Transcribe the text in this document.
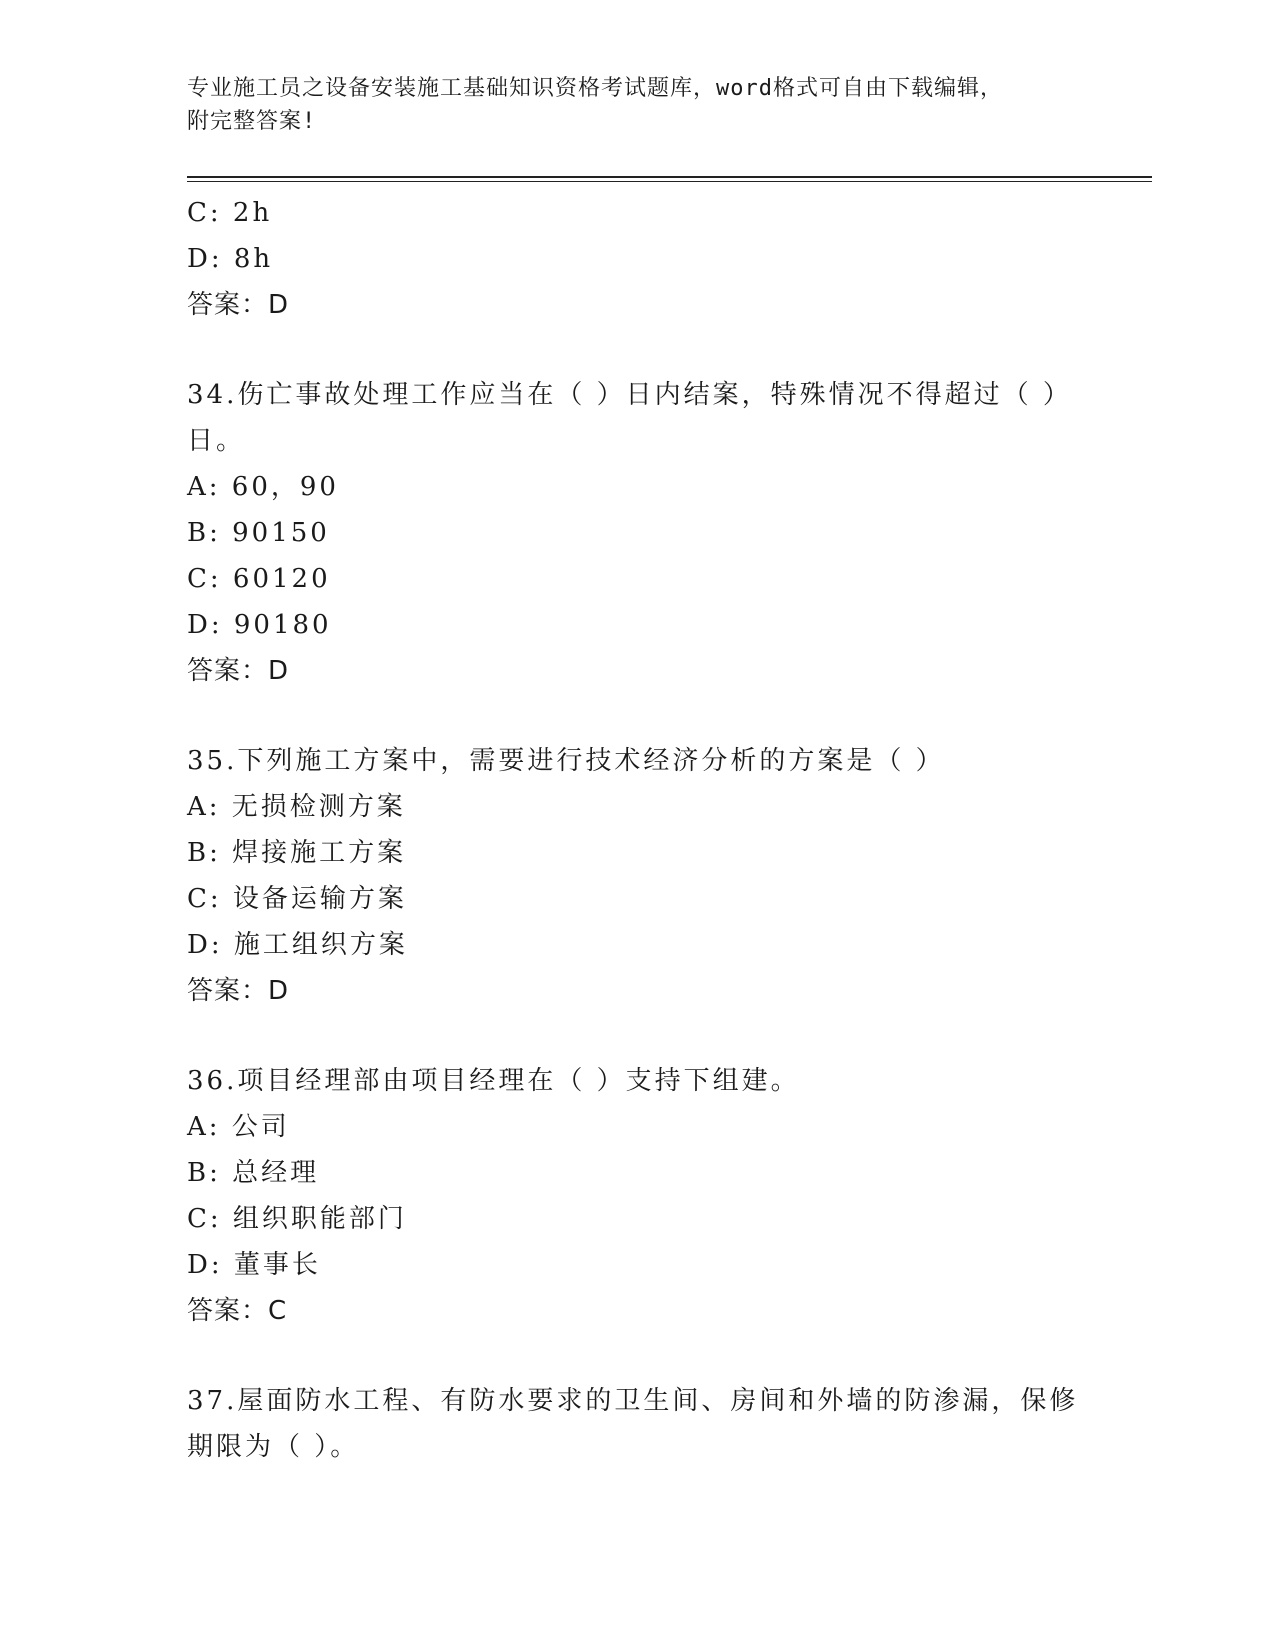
专业施工员之设备安装施工基础知识资格考试题库，word格式可自由下载编辑，

附完整答案!

C: 2h
D: 8h
答案：D
34.伤亡事故处理工作应当在（ ）日内结案，特殊情况不得超过（ ）
日。
A: 60，90
B: 90150
C: 60120
D: 90180
答案：D
35.下列施工方案中，需要进行技术经济分析的方案是（ ）
A: 无损检测方案
B: 焊接施工方案
C: 设备运输方案
D: 施工组织方案
答案：D
36.项目经理部由项目经理在（ ）支持下组建。
A: 公司
B: 总经理
C: 组织职能部门
D: 董事长
答案：C
37.屋面防水工程、有防水要求的卫生间、房间和外墙的防渗漏，保修
期限为（ ）。
